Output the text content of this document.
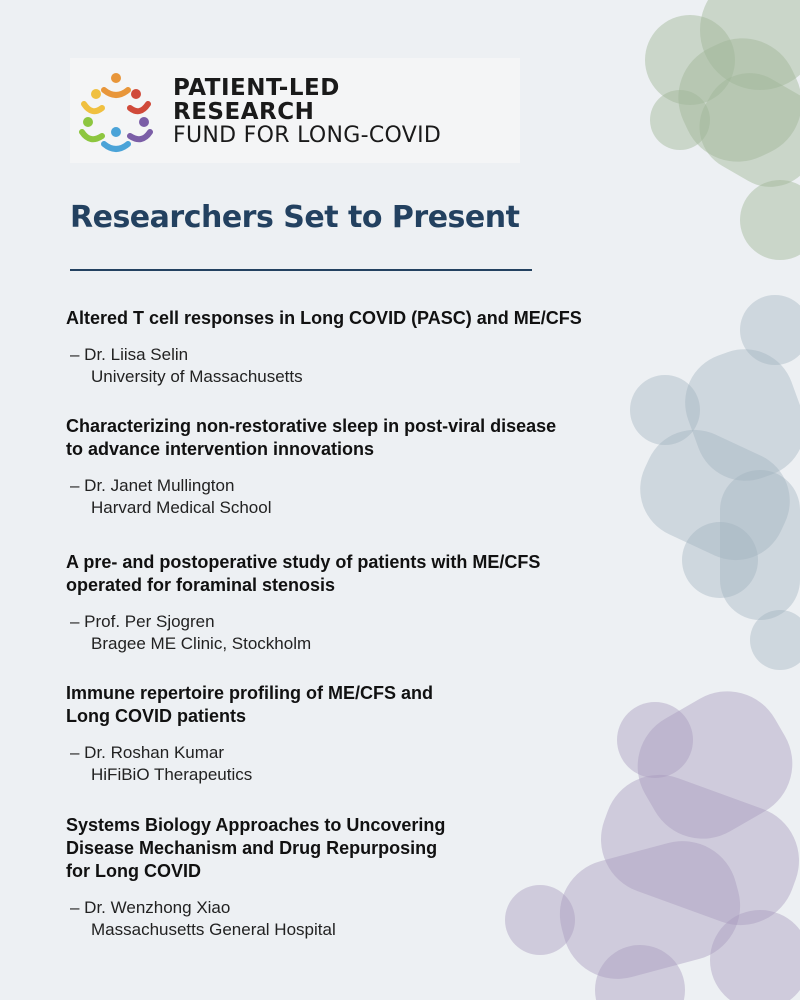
PATIENT-LED
RESEARCH
FUND FOR LONG-COVID
Researchers Set to Present
Altered T cell responses in Long COVID (PASC) and ME/CFS
– Dr. Liisa Selin
University of Massachusetts
Characterizing non-restorative sleep in post-viral disease
to advance intervention innovations
– Dr. Janet Mullington
Harvard Medical School
A pre- and postoperative study of patients with ME/CFS
operated for foraminal stenosis
– Prof. Per Sjogren
Bragee ME Clinic, Stockholm
Immune repertoire profiling of ME/CFS and
Long COVID patients
– Dr. Roshan Kumar
HiFiBiO Therapeutics
Systems Biology Approaches to Uncovering
Disease Mechanism and Drug Repurposing
for Long COVID
– Dr. Wenzhong Xiao
Massachusetts General Hospital
